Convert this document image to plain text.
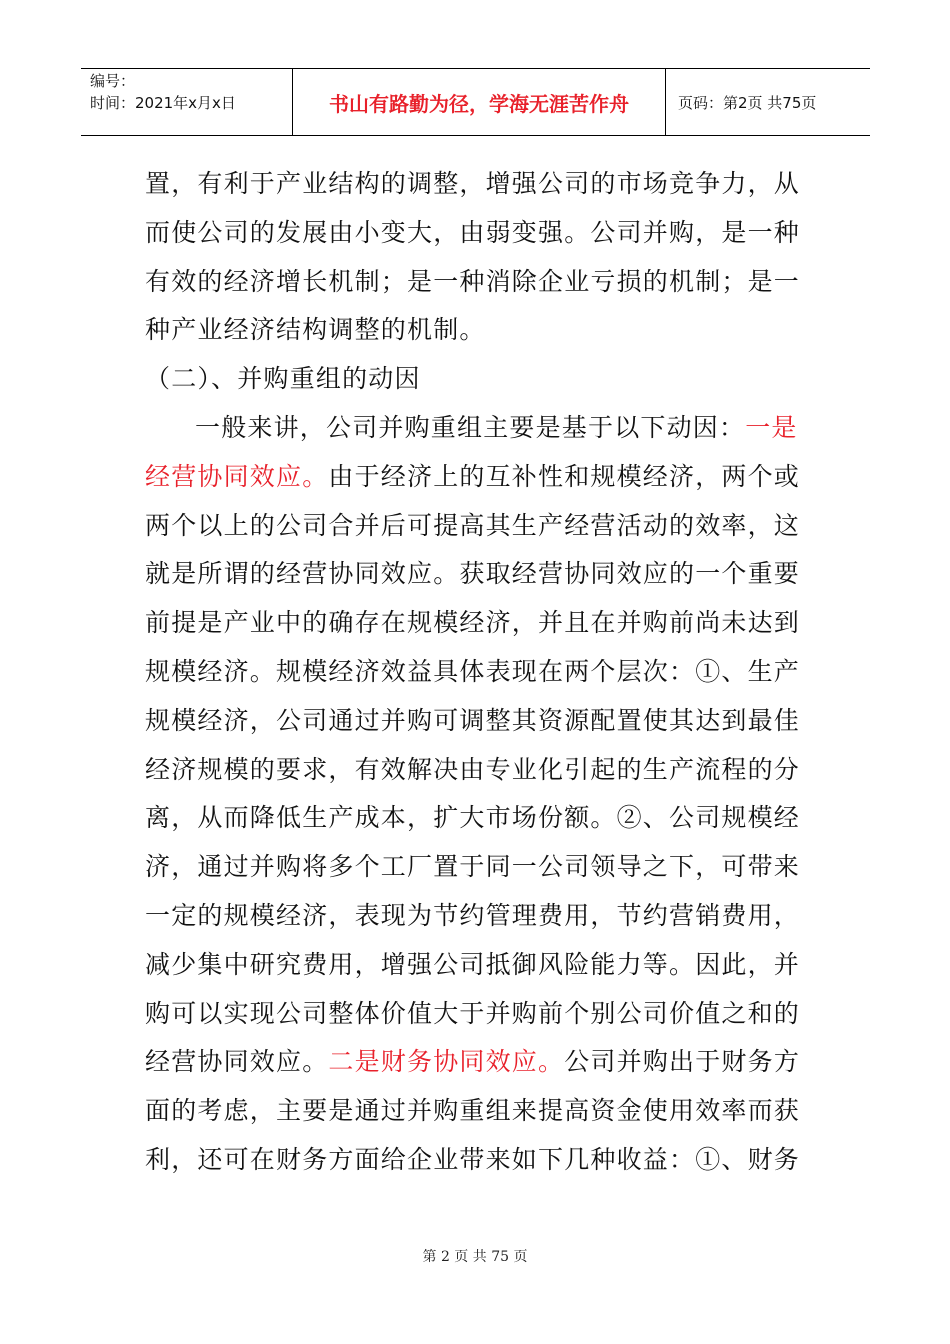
编号：
时间：2021年x月x日	书山有路勤为径，学海无涯苦作舟	页码：第2页 共75页
置，有利于产业结构的调整，增强公司的市场竞争力，从
而使公司的发展由小变大，由弱变强。公司并购，是一种
有效的经济增长机制；是一种消除企业亏损的机制；是一
种产业经济结构调整的机制。
（二）、并购重组的动因
一般来讲，公司并购重组主要是基于以下动因：一是
经营协同效应。由于经济上的互补性和规模经济，两个或
两个以上的公司合并后可提高其生产经营活动的效率，这
就是所谓的经营协同效应。获取经营协同效应的一个重要
前提是产业中的确存在规模经济，并且在并购前尚未达到
规模经济。规模经济效益具体表现在两个层次：①、生产
规模经济，公司通过并购可调整其资源配置使其达到最佳
经济规模的要求，有效解决由专业化引起的生产流程的分
离，从而降低生产成本，扩大市场份额。②、公司规模经
济，通过并购将多个工厂置于同一公司领导之下，可带来
一定的规模经济，表现为节约管理费用，节约营销费用，
减少集中研究费用，增强公司抵御风险能力等。因此，并
购可以实现公司整体价值大于并购前个别公司价值之和的
经营协同效应。二是财务协同效应。公司并购出于财务方
面的考虑，主要是通过并购重组来提高资金使用效率而获
利，还可在财务方面给企业带来如下几种收益：①、财务
第 2 页 共 75 页
